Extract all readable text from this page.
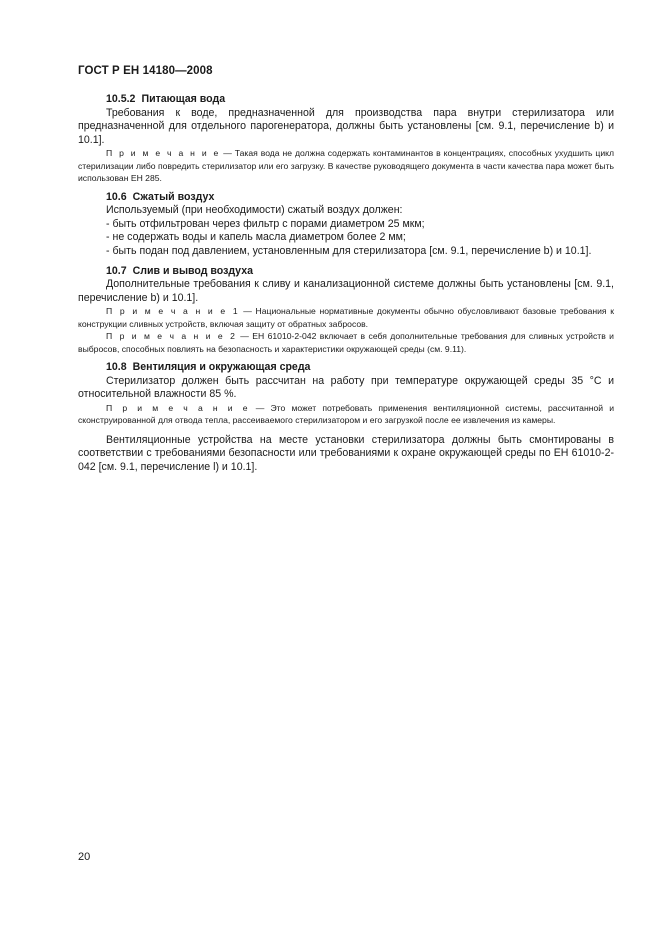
ГОСТ Р ЕН 14180—2008

10.5.2 Питающая вода

Требования к воде, предназначенной для производства пара внутри стерилизатора или предназначенной для отдельного парогенератора, должны быть установлены [см. 9.1, перечисление b) и 10.1].

П р и м е ч а н и е — Такая вода не должна содержать контаминантов в концентрациях, способных ухудшить цикл стерилизации либо повредить стерилизатор или его загрузку. В качестве руководящего документа в части качества пара может быть использован ЕН 285.

10.6 Сжатый воздух

Используемый (при необходимости) сжатый воздух должен:

- быть отфильтрован через фильтр с порами диаметром 25 мкм;

- не содержать воды и капель масла диаметром более 2 мм;

- быть подан под давлением, установленным для стерилизатора [см. 9.1, перечисление b) и 10.1].

10.7 Слив и вывод воздуха

Дополнительные требования к сливу и канализационной системе должны быть установлены [см. 9.1, перечисление b) и 10.1].

П р и м е ч а н и е 1 — Национальные нормативные документы обычно обусловливают базовые требования к конструкции сливных устройств, включая защиту от обратных забросов.

П р и м е ч а н и е 2 — ЕН 61010-2-042 включает в себя дополнительные требования для сливных устройств и выбросов, способных повлиять на безопасность и характеристики окружающей среды (см. 9.11).

10.8 Вентиляция и окружающая среда

Стерилизатор должен быть рассчитан на работу при температуре окружающей среды 35 °C и относительной влажности 85 %.

П р и м е ч а н и е — Это может потребовать применения вентиляционной системы, рассчитанной и сконструированной для отвода тепла, рассеиваемого стерилизатором и его загрузкой после ее извлечения из камеры.

Вентиляционные устройства на месте установки стерилизатора должны быть смонтированы в соответствии с требованиями безопасности или требованиями к охране окружающей среды по ЕН 61010-2-042 [см. 9.1, перечисление l) и 10.1].

20
